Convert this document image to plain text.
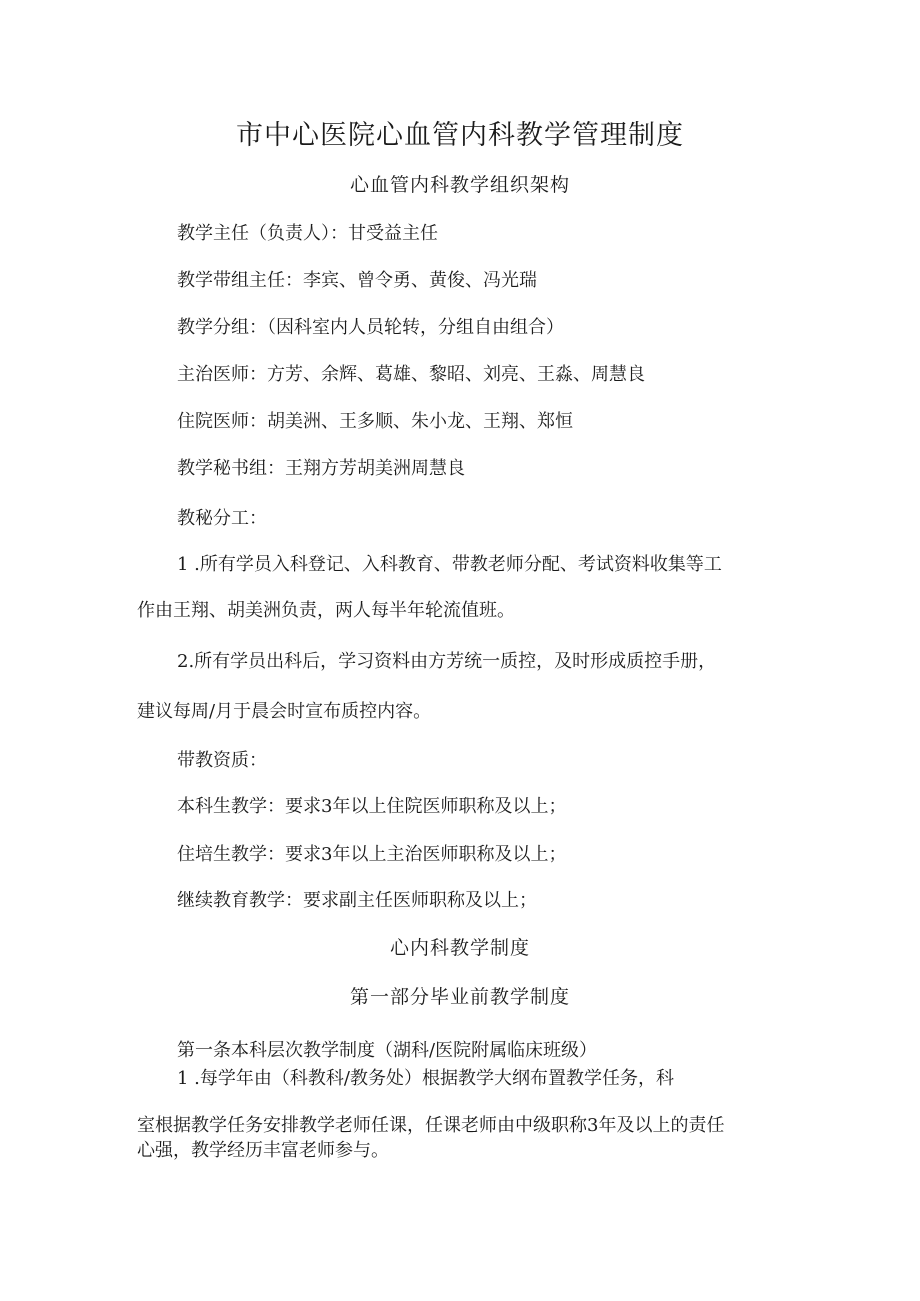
市中心医院心血管内科教学管理制度
心血管内科教学组织架构
教学主任（负责人）：甘受益主任
教学带组主任：李宾、曾令勇、黄俊、冯光瑞
教学分组：（因科室内人员轮转，分组自由组合）
主治医师：方芳、余辉、葛雄、黎昭、刘亮、王淼、周慧良
住院医师：胡美洲、王多顺、朱小龙、王翔、郑恒
教学秘书组：王翔方芳胡美洲周慧良
教秘分工：
1 .所有学员入科登记、入科教育、带教老师分配、考试资料收集等工
作由王翔、胡美洲负责，两人每半年轮流值班。
2.所有学员出科后，学习资料由方芳统一质控，及时形成质控手册，
建议每周/月于晨会时宣布质控内容。
带教资质：
本科生教学：要求3年以上住院医师职称及以上；
住培生教学：要求3年以上主治医师职称及以上；
继续教育教学：要求副主任医师职称及以上；
心内科教学制度
第一部分毕业前教学制度
第一条本科层次教学制度（湖科/医院附属临床班级）
1 .每学年由（科教科/教务处）根据教学大纲布置教学任务，科
室根据教学任务安排教学老师任课，任课老师由中级职称3年及以上的责任
心强，教学经历丰富老师参与。
